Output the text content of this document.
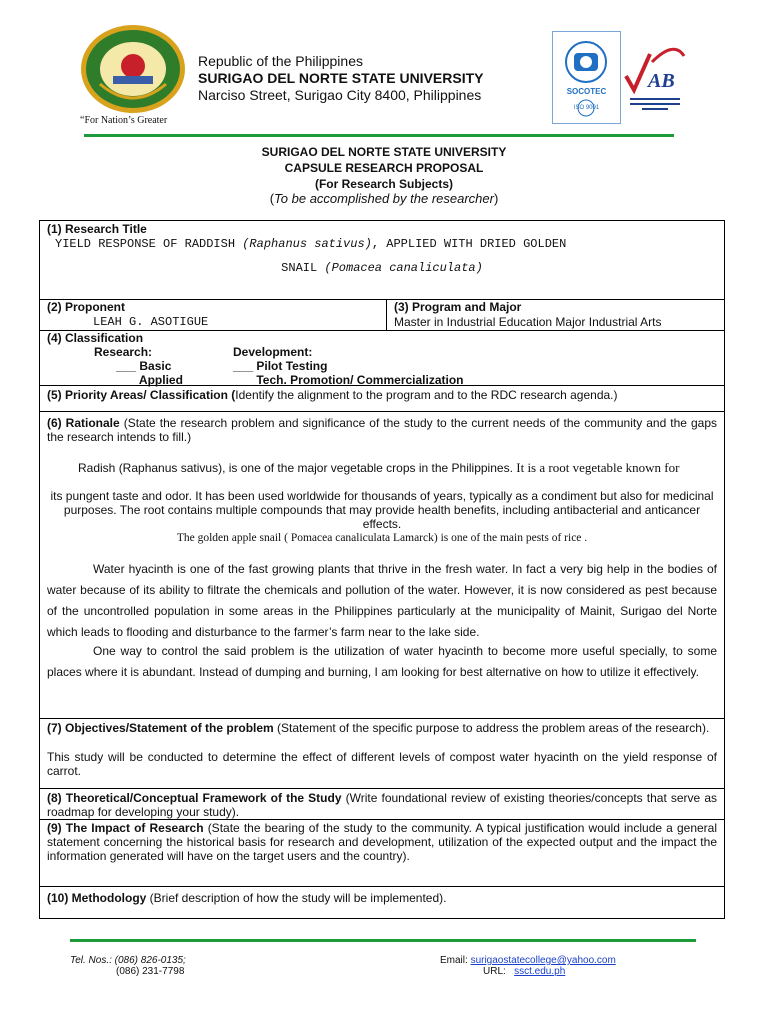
“For Nation’s Greater
Republic of the Philippines
SURIGAO DEL NORTE STATE UNIVERSITY
Narciso Street, Surigao City 8400, Philippines	SOCOTEC
ISO 9001
AB
SURIGAO DEL NORTE STATE UNIVERSITY
CAPSULE RESEARCH PROPOSAL
(For Research Subjects)
(To be accomplished by the researcher)
(1) Research Title
YIELD RESPONSE OF RADDISH (Raphanus sativus), APPLIED WITH DRIED GOLDEN
SNAIL (Pomacea canaliculata)
(2) Proponent
LEAH G. ASOTIGUE
(3) Program and Major
Master in Industrial Education Major Industrial Arts
(4) Classification
Research:	Development:
___ Basic	___ Pilot Testing
___ Applied	___ Tech. Promotion/ Commercialization
(5) Priority Areas/ Classification (Identify the alignment to the program and to the RDC research agenda.)
(6) Rationale (State the research problem and significance of the study to the current needs of the community and the gaps the research intends to fill.)
Radish (Raphanus sativus), is one of the major vegetable crops in the Philippines. It is a root vegetable known for
its pungent taste and odor. It has been used worldwide for thousands of years, typically as a condiment but also for medicinal purposes. The root contains multiple compounds that may provide health benefits, including antibacterial and anticancer effects.
The golden apple snail ( Pomacea canaliculata Lamarck) is one of the main pests of rice .
Water hyacinth is one of the fast growing plants that thrive in the fresh water. In fact a very big help in the bodies of water because of its ability to filtrate the chemicals and pollution of the water. However, it is now considered as pest because of the uncontrolled population in some areas in the Philippines particularly at the municipality of Mainit, Surigao del Norte which leads to flooding and disturbance to the farmer’s farm near to the lake side.
One way to control the said problem is the utilization of water hyacinth to become more useful specially, to some places where it is abundant. Instead of dumping and burning, I am looking for best alternative on how to utilize it effectively.
(7) Objectives/Statement of the problem (Statement of the specific purpose to address the problem areas of the research).
This study will be conducted to determine the effect of different levels of compost water hyacinth on the yield response of carrot.
(8) Theoretical/Conceptual Framework of the Study (Write foundational review of existing theories/concepts that serve as roadmap for developing your study).
(9) The Impact of Research (State the bearing of the study to the community. A typical justification would include a general statement concerning the historical basis for research and development, utilization of the expected output and the impact the information generated will have on the target users and the country).
(10) Methodology (Brief description of how the study will be implemented).
Tel. Nos.: (086) 826-0135;
(086) 231-7798
Email: surigaostatecollege@yahoo.com
URL:   ssct.edu.ph
